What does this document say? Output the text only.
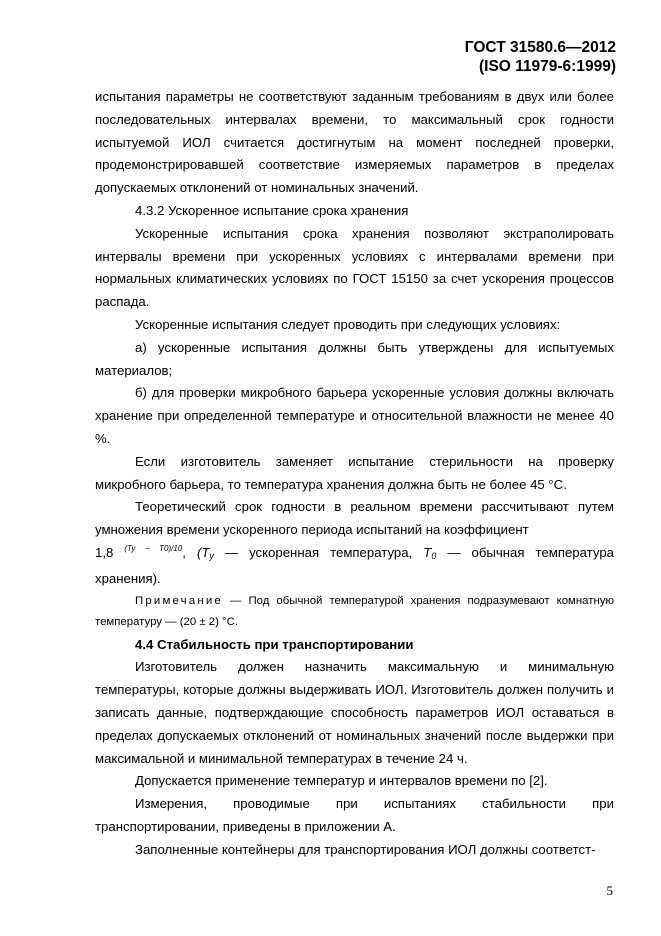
ГОСТ 31580.6—2012
(ISO 11979-6:1999)

испытания параметры не соответствуют заданным требованиям в двух или более последовательных интервалах времени, то максимальный срок годности испытуемой ИОЛ считается достигнутым на момент последней проверки, продемонстрировавшей соответствие измеряемых параметров в пределах допускаемых отклонений от номинальных значений.

4.3.2 Ускоренное испытание срока хранения

Ускоренные испытания срока хранения позволяют экстраполировать интервалы времени при ускоренных условиях с интервалами времени при нормальных климатических условиях по ГОСТ 15150 за счет ускорения процессов распада.

Ускоренные испытания следует проводить при следующих условиях:

а) ускоренные испытания должны быть утверждены для испытуемых материалов;

б) для проверки микробного барьера ускоренные условия должны включать хранение при определенной температуре и относительной влажности не менее 40 %.

Если изготовитель заменяет испытание стерильности на проверку микробного барьера, то температура хранения должна быть не более 45 °C.

Теоретический срок годности в реальном времени рассчитывают путем умножения времени ускоренного периода испытаний на коэффициент

1,8 $^{(Ty - T0)/10}$, ($T_у$ — ускоренная температура, $T_0$ — обычная температура

хранения).

Примечание — Под обычной температурой хранения подразумевают комнатную температуру — (20 ± 2) °C.

4.4 Стабильность при транспортировании

Изготовитель должен назначить максимальную и минимальную температуры, которые должны выдерживать ИОЛ. Изготовитель должен получить и записать данные, подтверждающие способность параметров ИОЛ оставаться в пределах допускаемых отклонений от номинальных значений после выдержки при максимальной и минимальной температурах в течение 24 ч.

Допускается применение температур и интервалов времени по [2].

Измерения, проводимые при испытаниях стабильности при транспортировании, приведены в приложении А.

Заполненные контейнеры для транспортирования ИОЛ должны соответст-

5
